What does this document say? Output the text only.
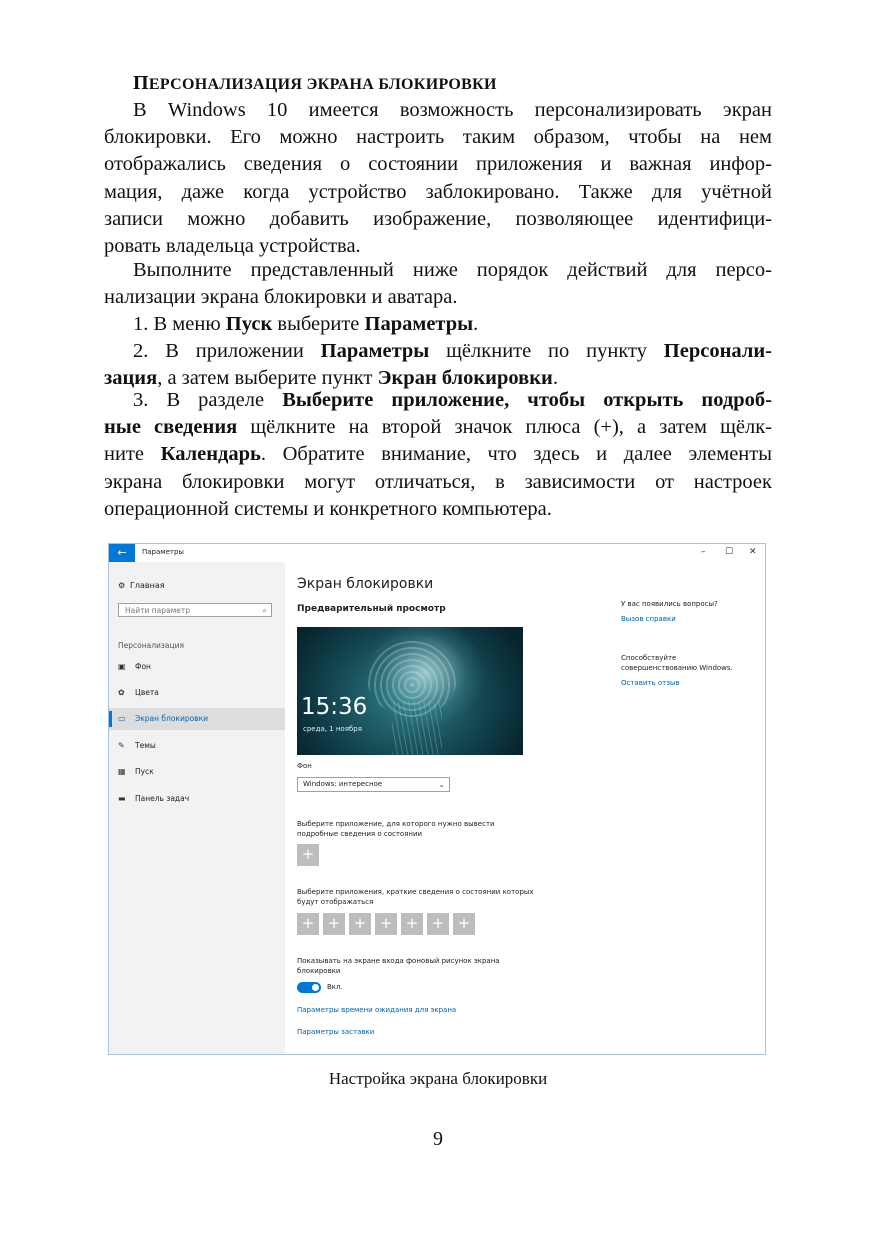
ПЕРСОНАЛИЗАЦИЯ ЭКРАНА БЛОКИРОВКИ
В Windows 10 имеется возможность персонализировать экран
блокировки. Его можно настроить таким образом, чтобы на нем
отображались сведения о состоянии приложения и важная инфор-
мация, даже когда устройство заблокировано. Также для учётной
записи можно добавить изображение, позволяющее идентифици-
ровать владельца устройства.
Выполните представленный ниже порядок действий для персо-
нализации экрана блокировки и аватара.
1. В меню Пуск выберите Параметры.
2. В приложении Параметры щёлкните по пункту Персонали-
зация, а затем выберите пункт Экран блокировки.
3. В разделе Выберите приложение, чтобы открыть подроб-
ные сведения щёлкните на второй значок плюса (+), а затем щёлк-
ните Календарь. Обратите внимание, что здесь и далее элементы
экрана блокировки могут отличаться, в зависимости от настроек
операционной системы и конкретного компьютера.
←	Параметры	– ☐ ✕
⚙ Главная
Найти параметр	⌕
Персонализация
▣ Фон
✿ Цвета
▭ Экран блокировки
✎ Темы
▦ Пуск
▬ Панель задач
Экран блокировки
Предварительный просмотр
15:36
среда, 1 ноября
Фон
Windows: интересное	⌄
Выберите приложение, для которого нужно вывести
подробные сведения о состоянии
+
Выберите приложения, краткие сведения о состоянии которых
будут отображаться
+ + + + + + +
Показывать на экране входа фоновый рисунок экрана
блокировки
Вкл.
Параметры времени ожидания для экрана
Параметры заставки
У вас появились вопросы?
Вызов справки
Способствуйте
совершенствованию Windows.
Оставить отзыв
Настройка экрана блокировки
9
